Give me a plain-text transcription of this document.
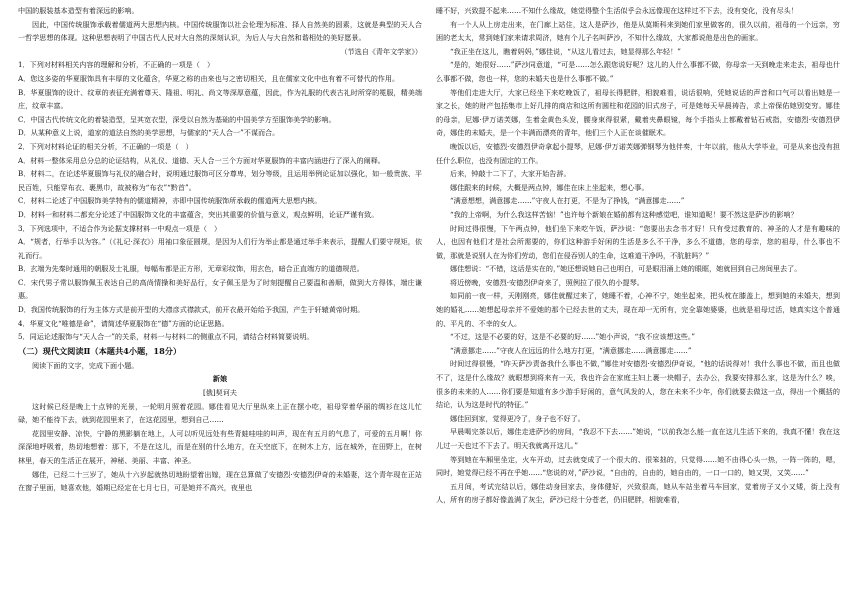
中国的服装基本造型有着深远的影响。

因此，中国传统服饰承载着儒道两大思想内核。中国传统服饰以社会伦理为标准、择人自然美的固素，这就是典型的天人合一哲学思想的体现。这种思想表明了中国古代人民对大自然的深刻认识，为后人与大自然和谐相处的美好愿景。

（节选自《青年文学家》）

1．下列对材料相关内容的理解和分析，不正确的一项是（　）

A．您这多姿的华夏服饰具有丰厚的文化蕴含，华夏之称的由来也与之密切相关，且在儒家文化中也有着不可替代的作用。

B．华夏服饰的设计、纹章的表征充满着尊天、隆祖、明礼、尚文等深厚意蕴，因此，作为礼服的代表古礼时所穿的冕服，精美端庄，纹章丰富。

C．中国古代传统文化的着装造型，呈其宽衣型，深受以自然为基础的中国美学方至服饰美学的影响。

D．从某种意义上说，道家的道法自然的美学思想，与儒家的“天人合一”不谋而合。

2．下列对材料论证的相关分析，不正确的一项是（　）

A．材料一整体采用总分总的论证结构，从礼仪、道德、天人合一三个方面对华夏服饰的丰富内涵进行了深入的阐释。

B．材料二，在论述华夏服饰与礼仪的融合时，说明通过服饰可区分尊卑，划分等级，且运用举例论证加以强化，如一般贵族、平民百姓，只能穿布衣、裹黑巾，故被称为“布衣”“黔首”。

C．材料二论述了中国服饰美学特有的儒道精神，亦即中国传统服饰所承载的儒道两大思想内核。

D．材料一和材料二都充分论述了中国服饰文化的丰富蕴含，突出其重要的价值与意义，观点鲜明，论证严谨有致。

3．下列选项中，不适合作为论据支撑材料一中观点一项是（　）

A．“规者，行举手以为容。”（《礼记·深衣》）用袖口象征圆规，是因为人们行为举止都是通过举手来表示，提醒人们要守规矩，依礼而行。

B．玄端为先秦时通用的朝服及士礼服，每幅布都是正方形，无章彩纹饰，用玄色，暗合正直端方的道德规范。

C．宋代男子常以服饰佩玉表达自己的高尚情操和美好品行，女子佩玉是为了时刻提醒自己要温和善顺，做到大方得体，端庄谦惠。

D．我国传统服饰的行为主体方式是前开型的大襟彦式襟款式，前开衣最开始给予我国，产生于轩辕黄帝时期。

4．华夏文化“唯德是命”，请简述华夏服饰在“德”方面的论证思路。

5．同运论述服饰与“天人合一”的关系，材料一与材料二的侧重点不同，请结合材料简要说明。

（二）现代文阅读Ⅱ（本题共4小题，18分）

阅读下面的文字，完成下面小题。

新娘

[俄]契诃夫

这时候已经是晚上十点钟的光景，一轮明月照着花园。娜佳看见大厅里纵来上正在摆小吃，祖母穿着华丽的绸衫在这儿忙碌，她不能待下去，就到花园里来了，在这花园里，想到自己……

花园里安静、凉快，宁静的黑影躺在地上，人可以听见远处有些青蛙哇哇的叫声，现在有五月的气息了，可爱的五月啊！你深深地呼吸着，热切地想着：那下，不是在这儿，而是在别的什么地方，在天空底下，在树木上方，远在城外，在田野上，在树林里，春天的生活正在展开，神秘、美丽、丰富、神圣。

娜佳，已经二十三岁了，她从十六岁起就热切地盼望着出嫁，现在总算做了安德烈·安德烈伊奇的未婚妻，这个青年现在正站在窗子里面，她喜欢他，婚期已经定在七月七日，可是她并不高兴，夜里也

睡不好，兴致提不起来……不知什么缘故，她觉得整个生活似乎会永远像现在这样过不下去，没有变化，没有尽头！

有一个人从上房走出来，在门廊上站住，这人是萨沙，他是从莫斯科来到她们家里做客的，很久以前，祖母的一个远亲，穷困的老太太，常到她们家来请求周济，她有个儿子名叫萨沙，不知什么缘故，大家都说他是出色的画家。

“我正坐在这儿，瞧着妈妈，”娜佳说，“从这儿看过去，她显得那么年轻！”

“是的，她很好……”萨沙同意道，“可是……怎么跟您说好呢？这儿的人什么事都不做，你母亲一天到晚走来走去，祖母也什么事都不做，您也一样，您的未婚夫也是什么事都不做。”

等他们走进大厅，大家已经坐下来吃晚饭了，祖母长得肥胖，相貌难看，说话很响，凭她说话的声音和口气可以看出她是一家之长，她的财产包括集市上好几排的商店和这所有圆柱和花园的旧式房子，可是她每天早晨祷告，求上帝保佑她别变穷。娜佳的母亲，尼娜·伊万诺芙娜，生着金黄色头发，腰身束得很紧，戴着夹鼻眼镜，每个手指头上都戴着钻石戒指，安德烈·安德烈伊奇，娜佳的未婚夫，是一个丰满而漂亮的青年，他们三个人正在谈催眠术。

晚饭以后，安德烈·安德烈伊奇拿起小提琴，尼娜·伊万诺芙娜弹钢琴为他伴奏，十年以前，他从大学毕业，可是从来也没有担任什么职位，也没有固定的工作。

后来，钟敲十二下了，大家开始告辞。

娜佳跟来的时候，大概是两点钟，娜佳在床上坐起来，想心事。

“满意想想，满意挪走……”守夜人在打更，不是为了挣钱，“满意挪走……”

“我的上帝啊，为什么我这样苦恼！”也许每个新娘在婚前都有这种感觉吧，谁知道呢！要不然这是萨沙的影响？

时间过得很慢，下午两点钟，他们坐下来吃午饭，萨沙说：“您要出去念书才好！只有受过教育的、神圣的人才是有趣味的人，也因有他们才是社会所需要的，你们这种游手好闲的生活是多么不干净，多么不道德，您的母亲，您的祖母，什么事也不做，那就是说别人在为你们劳动，您们在侵吞别人的生命，这难道干净吗，不肮脏吗？”

娜佳想说：“不错，这话是实在的，”她还想说她自己也明白，可是眼泪涌上她的眼眶，她就回到自己房间里去了。

将近傍晚，安德烈·安德烈伊奇来了，照例拉了很久的小提琴。

如同前一夜一样，天刚刚亮，娜佳就醒过来了，她睡不着，心神不宁，她坐起来，把头枕在膝盖上，想到她的未婚夫，想到她的婚礼……她想起母亲并不爱她的那个已经去世的丈夫，现在却一无所有，完全靠她婆婆，也就是祖母过活，她真实这个普通的、平凡的、不幸的女人。

“不过，这是不必要的好，这是不必要的好……”她小声说，“我不应该想这些。”

“满意挪走……”守夜人在远远的什么地方打更，“满意挪走……满意挪走……”

时间过得很慢，“昨天萨沙责备我什么事也不做，”娜佳对安德烈·安德烈伊奇说，“他的话说得对！我什么事也不做，而且也做不了，这是什么缘故？就眼想到将来有一天，我也许会在家庭主妇上裹一块帽子，去办公，我要安排那么家，这是为什么？唉，很多的未来的人……你们要是知道有多少游手好闲的，意气风发的人，您在未来不少年，你们就要去做这一点，得出一个概括的结论，认为这是时代的特征。”

娜佳回到家，觉得更冷了，身子也不好了。

早晨喝完茶以后，娜佳走进萨沙的房间，“我忍不下去……”她说，“以前我怎么能一直在这儿生活下来的，我真不懂！我在这儿过一天也过不下去了。明天我就离开这儿。”

等到她在车厢里坐定，火车开动，过去就变成了一个很大的、很笨拙的，只觉得……她不由得心头一热，一阵一阵的，嗯，同时，她觉得已经不再在乎她……“您说的对，”萨沙说，“自由的，自由的，她自由的，一口一口的，她又哭，又笑……”

五月间，考试完结以后，娜佳动身回家去，身体健好，兴致很高，她从车站坐着马车回家，觉着房子又小又矮，街上没有人，所有的房子都好像盖满了灰尘，萨沙已经十分苍老，仍旧肥胖，相貌难看，
